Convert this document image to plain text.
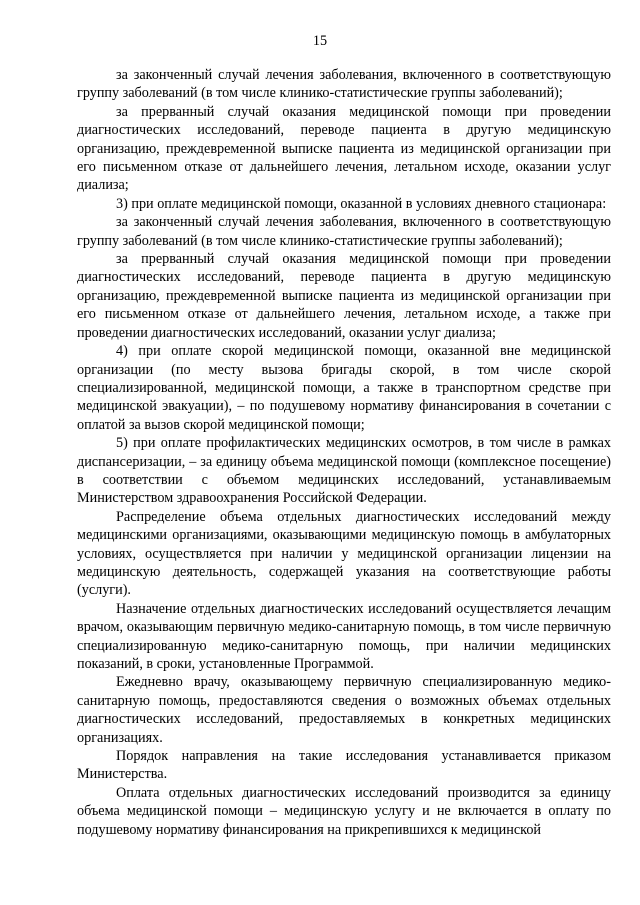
15

за законченный случай лечения заболевания, включенного в соответствующую группу заболеваний (в том числе клинико-статистические группы заболеваний);

за прерванный случай оказания медицинской помощи при проведении диагностических исследований, переводе пациента в другую медицинскую организацию, преждевременной выписке пациента из медицинской организации при его письменном отказе от дальнейшего лечения, летальном исходе, оказании услуг диализа;

3) при оплате медицинской помощи, оказанной в условиях дневного стационара:

за законченный случай лечения заболевания, включенного в соответствующую группу заболеваний (в том числе клинико-статистические группы заболеваний);

за прерванный случай оказания медицинской помощи при проведении диагностических исследований, переводе пациента в другую медицинскую организацию, преждевременной выписке пациента из медицинской организации при его письменном отказе от дальнейшего лечения, летальном исходе, а также при проведении диагностических исследований, оказании услуг диализа;

4) при оплате скорой медицинской помощи, оказанной вне медицинской организации (по месту вызова бригады скорой, в том числе скорой специализированной, медицинской помощи, а также в транспортном средстве при медицинской эвакуации), – по подушевому нормативу финансирования в сочетании с оплатой за вызов скорой медицинской помощи;

5) при оплате профилактических медицинских осмотров, в том числе в рамках диспансеризации, – за единицу объема медицинской помощи (комплексное посещение) в соответствии с объемом медицинских исследований, устанавливаемым Министерством здравоохранения Российской Федерации.

Распределение объема отдельных диагностических исследований между медицинскими организациями, оказывающими медицинскую помощь в амбулаторных условиях, осуществляется при наличии у медицинской организации лицензии на медицинскую деятельность, содержащей указания на соответствующие работы (услуги).

Назначение отдельных диагностических исследований осуществляется лечащим врачом, оказывающим первичную медико-санитарную помощь, в том числе первичную специализированную медико-санитарную помощь, при наличии медицинских показаний, в сроки, установленные Программой.

Ежедневно врачу, оказывающему первичную специализированную медико-санитарную помощь, предоставляются сведения о возможных объемах отдельных диагностических исследований, предоставляемых в конкретных медицинских организациях.

Порядок направления на такие исследования устанавливается приказом Министерства.

Оплата отдельных диагностических исследований производится за единицу объема медицинской помощи – медицинскую услугу и не включается в оплату по подушевому нормативу финансирования на прикрепившихся к медицинской
